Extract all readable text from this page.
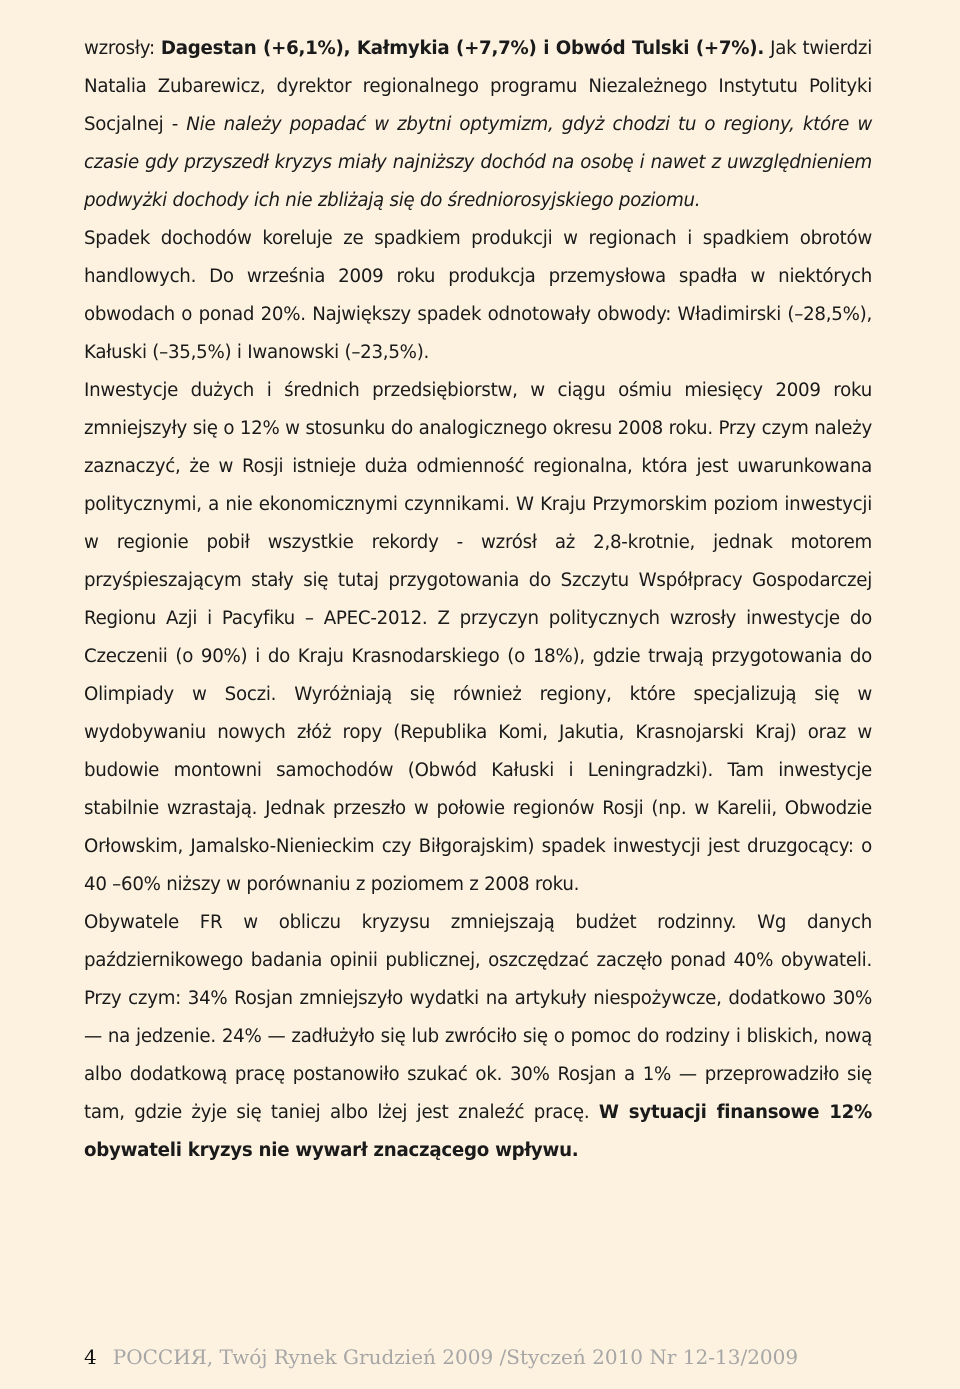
wzrosły: Dagestan (+6,1%), Kałmykia (+7,7%) i Obwód Tulski (+7%). Jak twierdzi Natalia Zubarewicz, dyrektor regionalnego programu Niezależnego Instytutu Polityki Socjalnej - Nie należy popadać w zbytni optymizm, gdyż chodzi tu o regiony, które w czasie gdy przyszedł kryzys miały najniższy dochód na osobę i nawet z uwzględnieniem podwyżki dochody ich nie zbliżają się do średniorosyjskiego poziomu.

Spadek dochodów koreluje ze spadkiem produkcji w regionach i spadkiem obrotów handlowych. Do września 2009 roku produkcja przemysłowa spadła w niektórych obwodach o ponad 20%. Największy spadek odnotowały obwody: Władimirski (–28,5%), Kałuski (–35,5%) i Iwanowski (–23,5%).

Inwestycje dużych i średnich przedsiębiorstw, w ciągu ośmiu miesięcy 2009 roku zmniejszyły się o 12% w stosunku do analogicznego okresu 2008 roku. Przy czym należy zaznaczyć, że w Rosji istnieje duża odmienność regionalna, która jest uwarunkowana politycznymi, a nie ekonomicznymi czynnikami. W Kraju Przymorskim poziom inwestycji w regionie pobił wszystkie rekordy - wzrósł aż 2,8-krotnie, jednak motorem przyśpieszającym stały się tutaj przygotowania do Szczytu Współpracy Gospodarczej Regionu Azji i Pacyfiku – APEC-2012. Z przyczyn politycznych wzrosły inwestycje do Czeczenii (o 90%) i do Kraju Krasnodarskiego (o 18%), gdzie trwają przygotowania do Olimpiady w Soczi. Wyróżniają się również regiony, które specjalizują się w wydobywaniu nowych złóż ropy (Republika Komi, Jakutia, Krasnojarski Kraj) oraz w budowie montowni samochodów (Obwód Kałuski i Leningradzki). Tam inwestycje stabilnie wzrastają. Jednak przeszło w połowie regionów Rosji (np. w Karelii, Obwodzie Orłowskim, Jamalsko-Nienieckim czy Biłgorajskim) spadek inwestycji jest druzgocący: o 40 –60% niższy w porównaniu z poziomem z 2008 roku.

Obywatele FR w obliczu kryzysu zmniejszają budżet rodzinny. Wg danych październikowego badania opinii publicznej, oszczędzać zaczęło ponad 40% obywateli. Przy czym: 34% Rosjan zmniejszyło wydatki na artykuły niespożywcze, dodatkowo 30% — na jedzenie. 24% — zadłużyło się lub zwróciło się o pomoc do rodziny i bliskich, nową albo dodatkową pracę postanowiło szukać ok. 30% Rosjan a 1% — przeprowadziło się tam, gdzie żyje się taniej albo lżej jest znaleźć pracę. W sytuacji finansowe 12% obywateli kryzys nie wywarł znaczącego wpływu.

4 РОССИЯ, Twój Rynek Grudzień 2009 /Styczeń 2010 Nr 12-13/2009
